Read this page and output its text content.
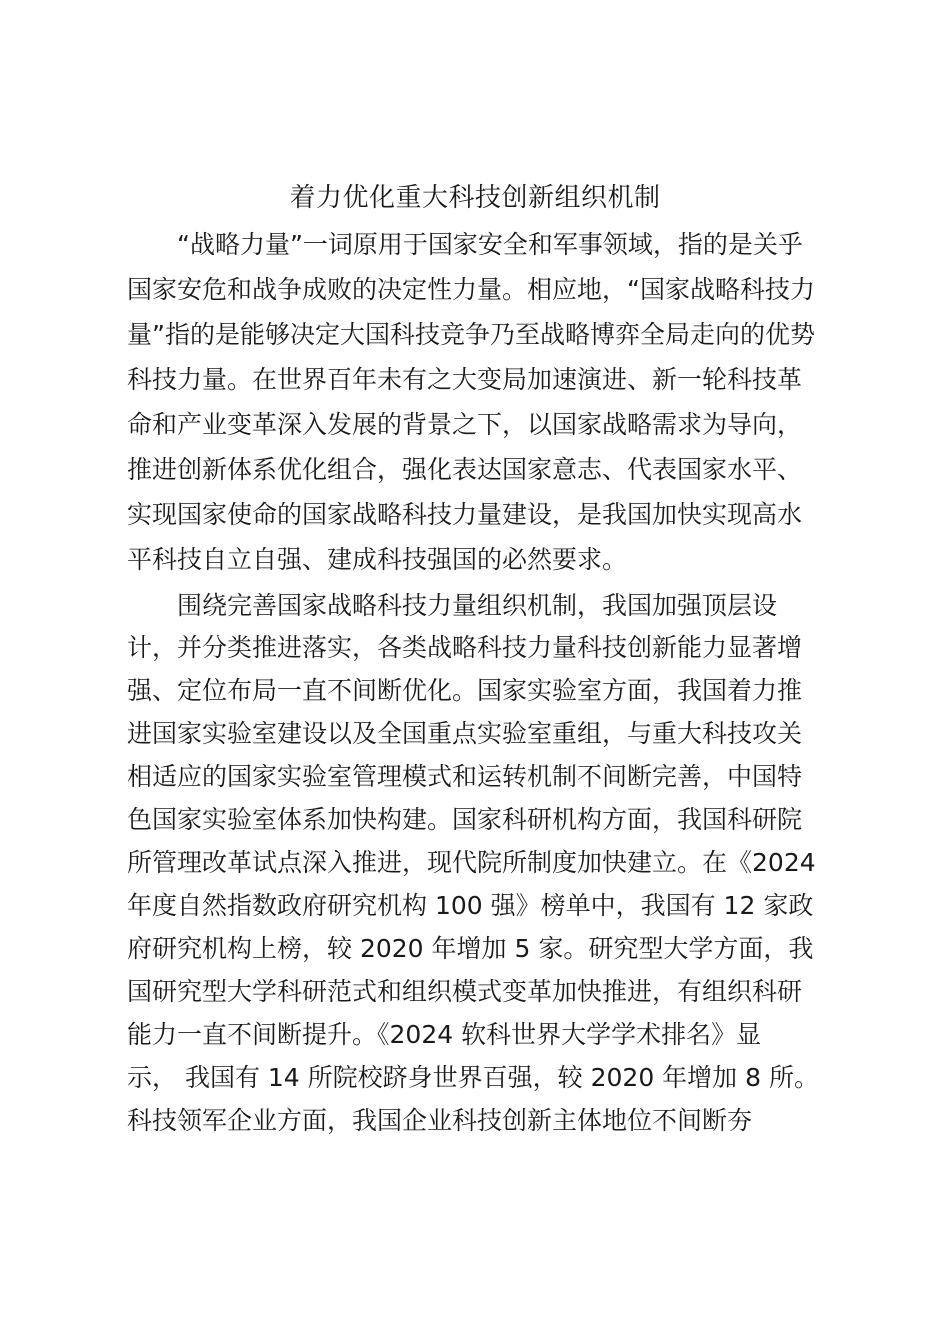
着力优化重大科技创新组织机制
“战略力量”一词原用于国家安全和军事领域，指的是关乎
国家安危和战争成败的决定性力量。相应地，“国家战略科技力
量”指的是能够决定大国科技竞争乃至战略博弈全局走向的优势
科技力量。在世界百年未有之大变局加速演进、新一轮科技革
命和产业变革深入发展的背景之下，以国家战略需求为导向，
推进创新体系优化组合，强化表达国家意志、代表国家水平、
实现国家使命的国家战略科技力量建设，是我国加快实现高水
平科技自立自强、建成科技强国的必然要求。
围绕完善国家战略科技力量组织机制，我国加强顶层设
计，并分类推进落实，各类战略科技力量科技创新能力显著增
强、定位布局一直不间断优化。国家实验室方面，我国着力推
进国家实验室建设以及全国重点实验室重组，与重大科技攻关
相适应的国家实验室管理模式和运转机制不间断完善，中国特
色国家实验室体系加快构建。国家科研机构方面，我国科研院
所管理改革试点深入推进，现代院所制度加快建立。在《2024
年度自然指数政府研究机构 100 强》榜单中，我国有 12 家政
府研究机构上榜，较 2020 年增加 5 家。研究型大学方面，我
国研究型大学科研范式和组织模式变革加快推进，有组织科研
能力一直不间断提升。《2024 软科世界大学学术排名》显
示， 我国有 14 所院校跻身世界百强，较 2020 年增加 8 所。
科技领军企业方面，我国企业科技创新主体地位不间断夯
